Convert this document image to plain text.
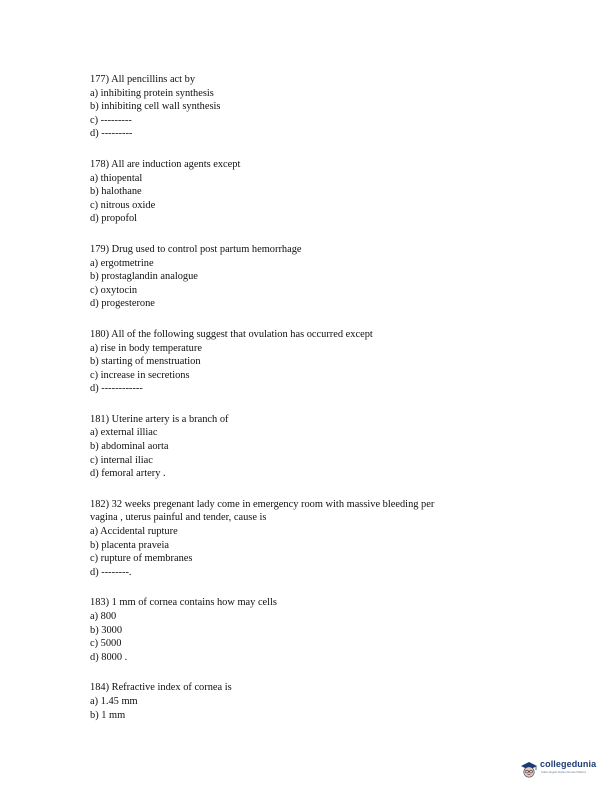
177) All pencillins act by
a) inhibiting protein synthesis
b) inhibiting cell wall synthesis
c) ---------
d) ---------
178) All are induction agents except
a) thiopental
b) halothane
c) nitrous oxide
d) propofol
179) Drug used to control post partum hemorrhage
a) ergotmetrine
b) prostaglandin analogue
c) oxytocin
d) progesterone
180) All of the following suggest that ovulation has occurred except
a) rise in body temperature
b) starting of menstruation
c) increase in secretions
d) ------------
181) Uterine artery is a branch of
a) external illiac
b) abdominal aorta
c) internal iliac
d) femoral artery .
182) 32 weeks pregenant lady come in emergency room with massive bleeding per
vagina , uterus painful and tender, cause is
a) Accidental rupture
b) placenta praveia
c) rupture of membranes
d) --------.
183) 1 mm of cornea contains how may cells
a) 800
b) 3000
c) 5000
d) 8000 .
184) Refractive index of cornea is
a) 1.45 mm
b) 1 mm
collegedunia
India's largest Student Review Platform
